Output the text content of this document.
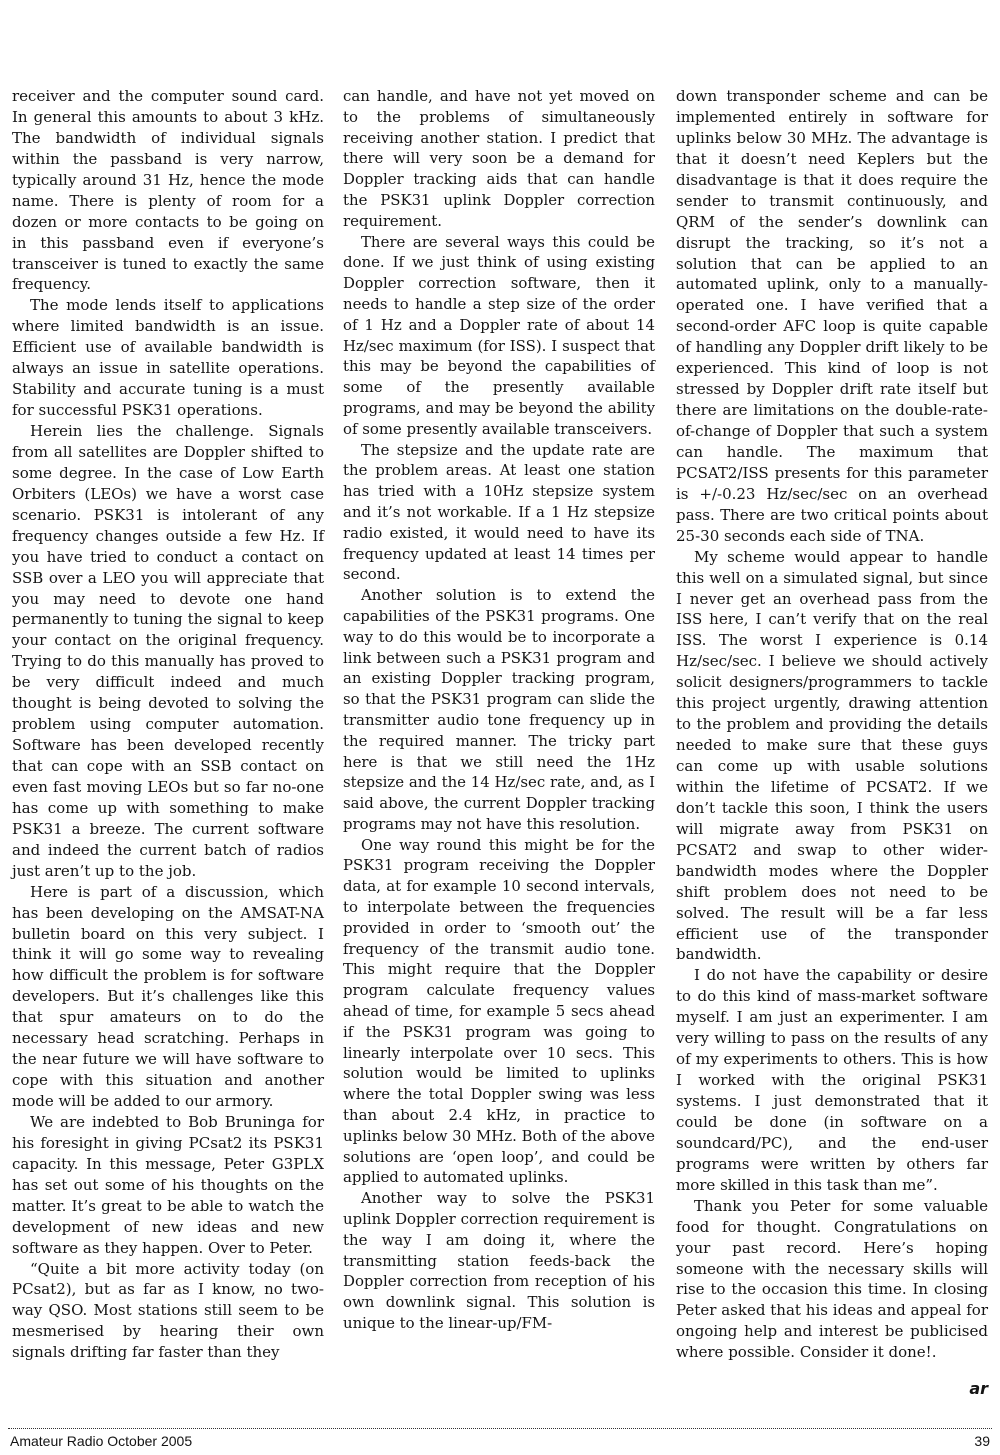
receiver and the computer sound card. In general this amounts to about 3 kHz. The bandwidth of individual signals within the passband is very narrow, typically around 31 Hz, hence the mode name. There is plenty of room for a dozen or more contacts to be going on in this passband even if everyone’s transceiver is tuned to exactly the same frequency.

The mode lends itself to applications where limited bandwidth is an issue. Efficient use of available bandwidth is always an issue in satellite operations. Stability and accurate tuning is a must for successful PSK31 operations.

Herein lies the challenge. Signals from all satellites are Doppler shifted to some degree. In the case of Low Earth Orbiters (LEOs) we have a worst case scenario. PSK31 is intolerant of any frequency changes outside a few Hz. If you have tried to conduct a contact on SSB over a LEO you will appreciate that you may need to devote one hand permanently to tuning the signal to keep your contact on the original frequency. Trying to do this manually has proved to be very difficult indeed and much thought is being devoted to solving the problem using computer automation. Software has been developed recently that can cope with an SSB contact on even fast moving LEOs but so far no-one has come up with something to make PSK31 a breeze. The current software and indeed the current batch of radios just aren’t up to the job.

Here is part of a discussion, which has been developing on the AMSAT-NA bulletin board on this very subject. I think it will go some way to revealing how difficult the problem is for software developers. But it’s challenges like this that spur amateurs on to do the necessary head scratching. Perhaps in the near future we will have software to cope with this situation and another mode will be added to our armory.

We are indebted to Bob Bruninga for his foresight in giving PCsat2 its PSK31 capacity. In this message, Peter G3PLX has set out some of his thoughts on the matter. It’s great to be able to watch the development of new ideas and new software as they happen. Over to Peter.

“Quite a bit more activity today (on PCsat2), but as far as I know, no two-way QSO. Most stations still seem to be mesmerised by hearing their own signals drifting far faster than they

can handle, and have not yet moved on to the problems of simultaneously receiving another station. I predict that there will very soon be a demand for Doppler tracking aids that can handle the PSK31 uplink Doppler correction requirement.

There are several ways this could be done. If we just think of using existing Doppler correction software, then it needs to handle a step size of the order of 1 Hz and a Doppler rate of about 14 Hz/sec maximum (for ISS). I suspect that this may be beyond the capabilities of some of the presently available programs, and may be beyond the ability of some presently available transceivers.

The stepsize and the update rate are the problem areas. At least one station has tried with a 10Hz stepsize system and it’s not workable. If a 1 Hz stepsize radio existed, it would need to have its frequency updated at least 14 times per second.

Another solution is to extend the capabilities of the PSK31 programs. One way to do this would be to incorporate a link between such a PSK31 program and an existing Doppler tracking program, so that the PSK31 program can slide the transmitter audio tone frequency up in the required manner. The tricky part here is that we still need the 1Hz stepsize and the 14 Hz/sec rate, and, as I said above, the current Doppler tracking programs may not have this resolution.

One way round this might be for the PSK31 program receiving the Doppler data, at for example 10 second intervals, to interpolate between the frequencies provided in order to ‘smooth out’ the frequency of the transmit audio tone. This might require that the Doppler program calculate frequency values ahead of time, for example 5 secs ahead if the PSK31 program was going to linearly interpolate over 10 secs. This solution would be limited to uplinks where the total Doppler swing was less than about 2.4 kHz, in practice to uplinks below 30 MHz. Both of the above solutions are ‘open loop’, and could be applied to automated uplinks.

Another way to solve the PSK31 uplink Doppler correction requirement is the way I am doing it, where the transmitting station feeds-back the Doppler correction from reception of his own downlink signal. This solution is unique to the linear-up/FM-

down transponder scheme and can be implemented entirely in software for uplinks below 30 MHz. The advantage is that it doesn’t need Keplers but the disadvantage is that it does require the sender to transmit continuously, and QRM of the sender’s downlink can disrupt the tracking, so it’s not a solution that can be applied to an automated uplink, only to a manually-operated one. I have verified that a second-order AFC loop is quite capable of handling any Doppler drift likely to be experienced. This kind of loop is not stressed by Doppler drift rate itself but there are limitations on the double-rate-of-change of Doppler that such a system can handle. The maximum that PCSAT2/ISS presents for this parameter is +/-0.23 Hz/sec/sec on an overhead pass. There are two critical points about 25-30 seconds each side of TNA.

My scheme would appear to handle this well on a simulated signal, but since I never get an overhead pass from the ISS here, I can’t verify that on the real ISS. The worst I experience is 0.14 Hz/sec/sec. I believe we should actively solicit designers/programmers to tackle this project urgently, drawing attention to the problem and providing the details needed to make sure that these guys can come up with usable solutions within the lifetime of PCSAT2. If we don’t tackle this soon, I think the users will migrate away from PSK31 on PCSAT2 and swap to other wider-bandwidth modes where the Doppler shift problem does not need to be solved. The result will be a far less efficient use of the transponder bandwidth.

I do not have the capability or desire to do this kind of mass-market software myself. I am just an experimenter. I am very willing to pass on the results of any of my experiments to others. This is how I worked with the original PSK31 systems. I just demonstrated that it could be done (in software on a soundcard/PC), and the end-user programs were written by others far more skilled in this task than me”.

Thank you Peter for some valuable food for thought. Congratulations on your past record. Here’s hoping someone with the necessary skills will rise to the occasion this time. In closing Peter asked that his ideas and appeal for ongoing help and interest be publicised where possible. Consider it done!.

ar
Amateur Radio October 2005	39
